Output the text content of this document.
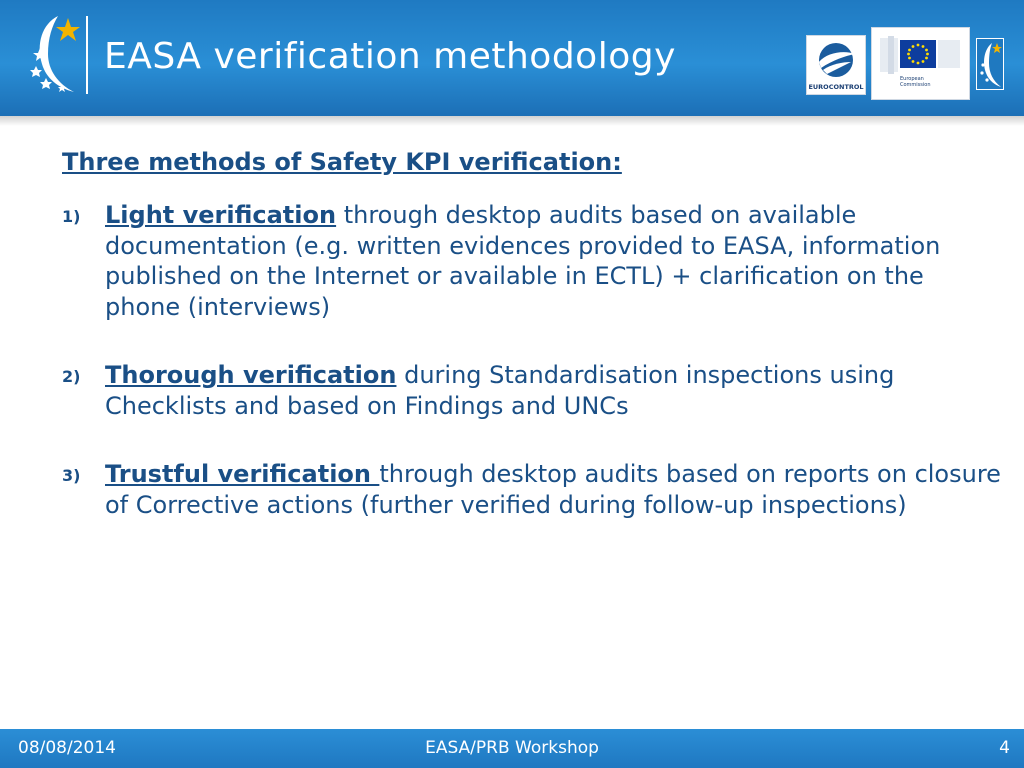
EASA verification methodology
EUROCONTROL
European
Commission

Three methods of Safety KPI verification:

1) Light verification through desktop audits based on available documentation (e.g. written evidences provided to EASA, information published on the Internet or available in ECTL) + clarification on the phone (interviews)

2) Thorough verification during Standardisation inspections using Checklists and based on Findings and UNCs

3) Trustful verification through desktop audits based on reports on closure of Corrective actions (further verified during follow-up inspections)

08/08/2014	EASA/PRB Workshop	4
